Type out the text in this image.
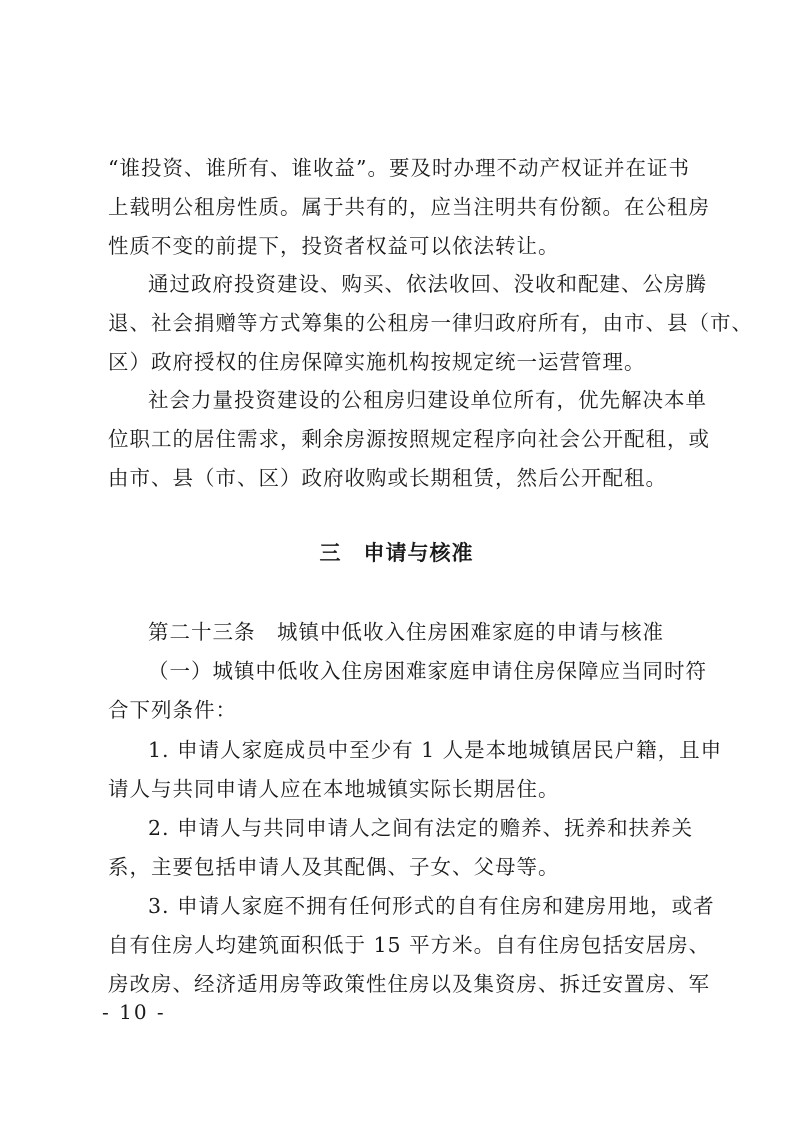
“谁投资、谁所有、谁收益”。要及时办理不动产权证并在证书
上载明公租房性质。属于共有的，应当注明共有份额。在公租房
性质不变的前提下，投资者权益可以依法转让。
通过政府投资建设、购买、依法收回、没收和配建、公房腾
退、社会捐赠等方式筹集的公租房一律归政府所有，由市、县（市、
区）政府授权的住房保障实施机构按规定统一运营管理。
社会力量投资建设的公租房归建设单位所有，优先解决本单
位职工的居住需求，剩余房源按照规定程序向社会公开配租，或
由市、县（市、区）政府收购或长期租赁，然后公开配租。
三　申请与核准
第二十三条　城镇中低收入住房困难家庭的申请与核准
（一）城镇中低收入住房困难家庭申请住房保障应当同时符
合下列条件：
1. 申请人家庭成员中至少有 1 人是本地城镇居民户籍，且申
请人与共同申请人应在本地城镇实际长期居住。
2. 申请人与共同申请人之间有法定的赡养、抚养和扶养关
系，主要包括申请人及其配偶、子女、父母等。
3. 申请人家庭不拥有任何形式的自有住房和建房用地，或者
自有住房人均建筑面积低于 15 平方米。自有住房包括安居房、
房改房、经济适用房等政策性住房以及集资房、拆迁安置房、军
- 10 -
